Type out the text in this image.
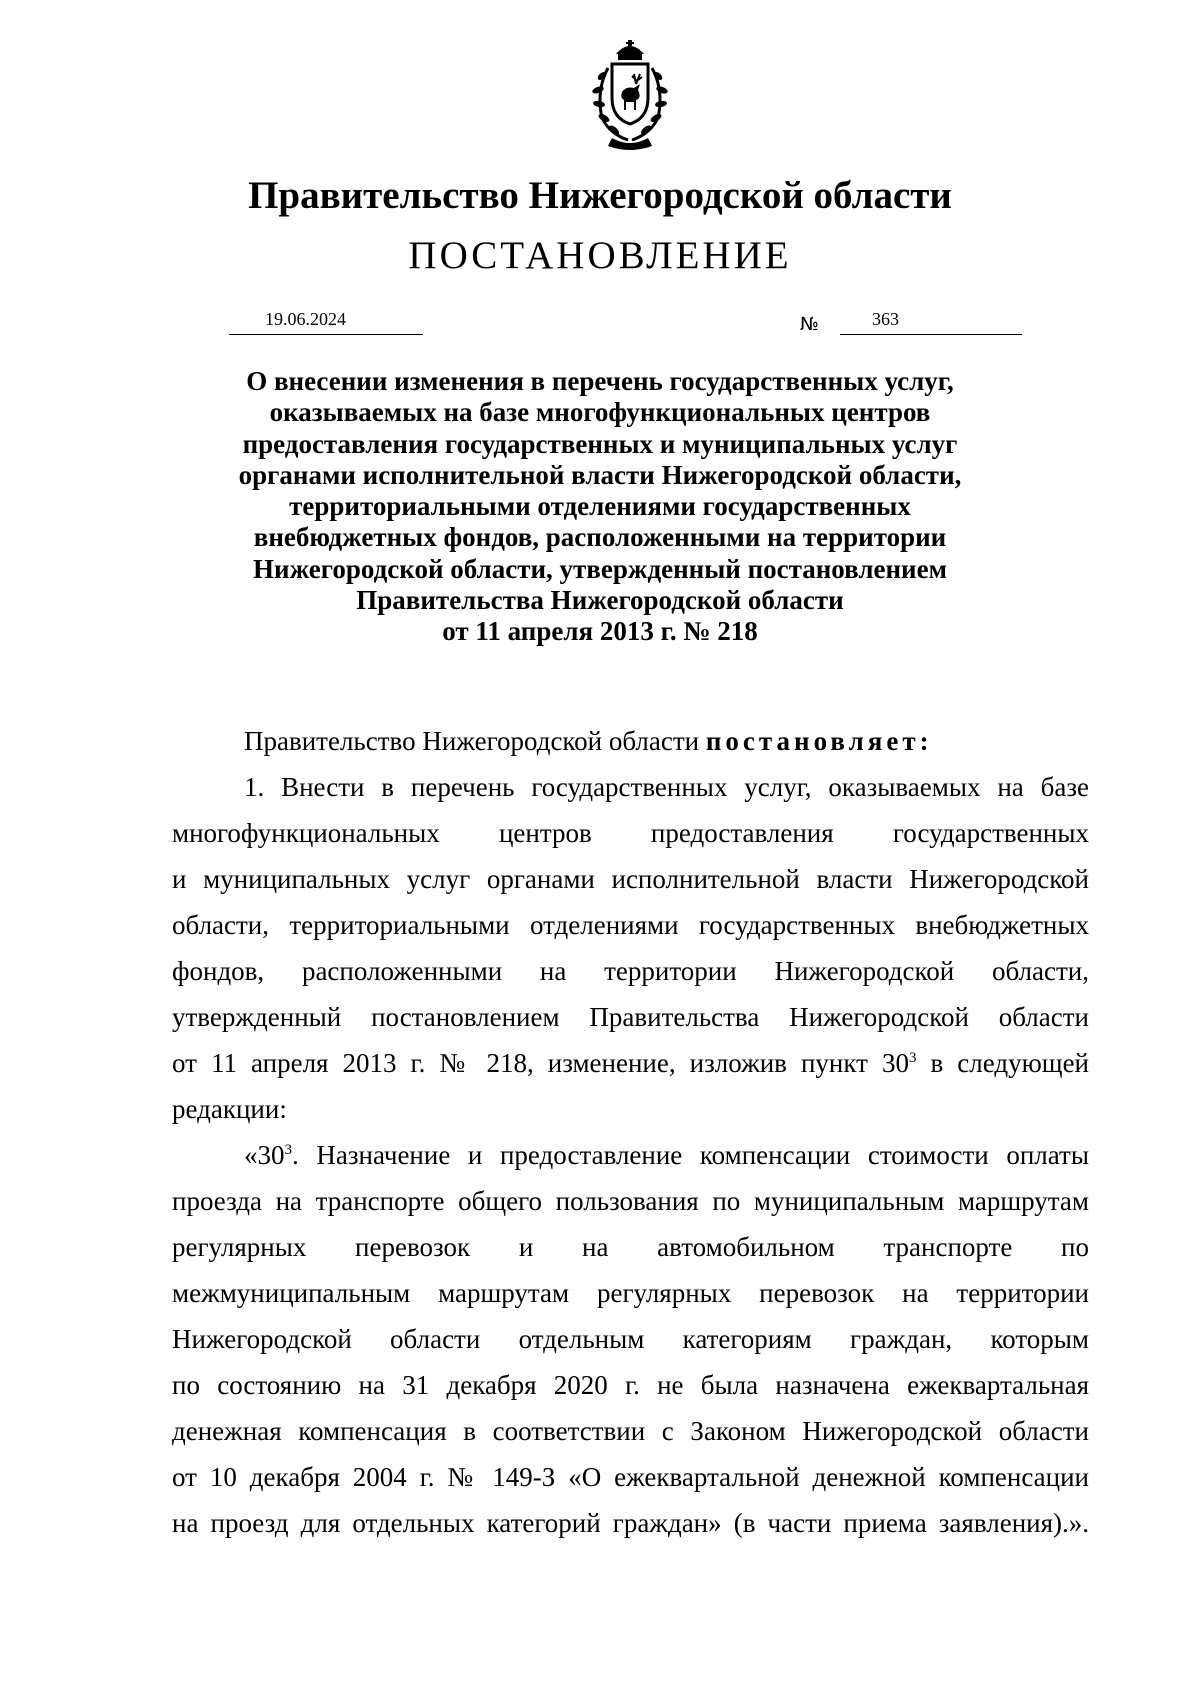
Правительство Нижегородской области
ПОСТАНОВЛЕНИЕ
19.06.2024	№	363
О внесении изменения в перечень государственных услуг,
оказываемых на базе многофункциональных центров
предоставления государственных и муниципальных услуг
органами исполнительной власти Нижегородской области,
территориальными отделениями государственных
внебюджетных фондов, расположенными на территории
Нижегородской области, утвержденный постановлением
Правительства Нижегородской области
от 11 апреля 2013 г. № 218
Правительство Нижегородской области постановляет:
1. Внести в перечень государственных услуг, оказываемых на базе
многофункциональных центров предоставления государственных
и муниципальных услуг органами исполнительной власти Нижегородской
области, территориальными отделениями государственных внебюджетных
фондов, расположенными на территории Нижегородской области,
утвержденный постановлением Правительства Нижегородской области
от 11 апреля 2013 г. № 218, изменение, изложив пункт $30^3$ в следующей
редакции:
«$30^3$. Назначение и предоставление компенсации стоимости оплаты
проезда на транспорте общего пользования по муниципальным маршрутам
регулярных перевозок и на автомобильном транспорте по
межмуниципальным маршрутам регулярных перевозок на территории
Нижегородской области отдельным категориям граждан, которым
по состоянию на 31 декабря 2020 г. не была назначена ежеквартальная
денежная компенсация в соответствии с Законом Нижегородской области
от 10 декабря 2004 г. № 149-З «О ежеквартальной денежной компенсации
на проезд для отдельных категорий граждан» (в части приема заявления).».
